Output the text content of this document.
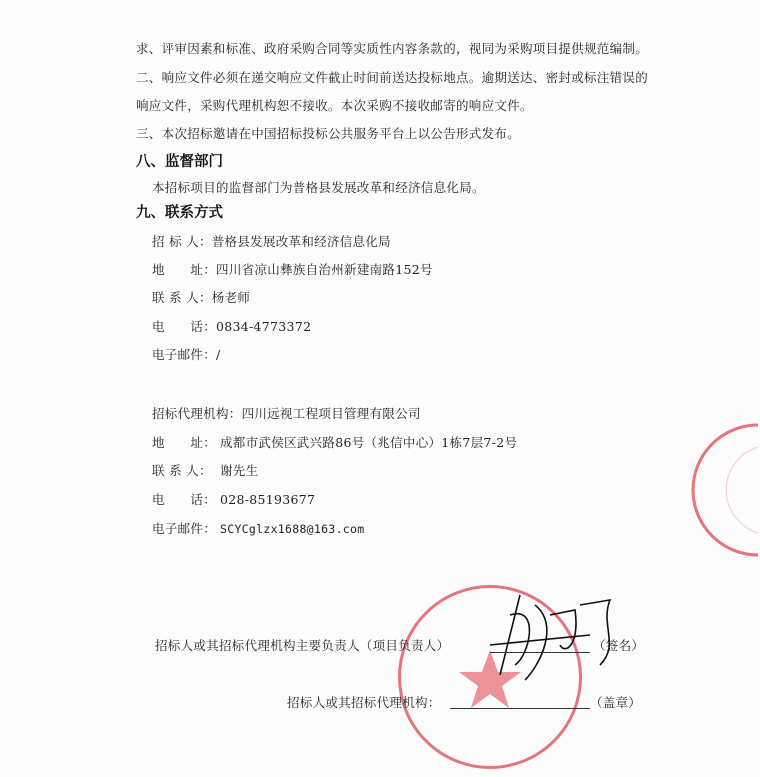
求、评审因素和标准、政府采购合同等实质性内容条款的，视同为采购项目提供规范编制。
二、响应文件必须在递交响应文件截止时间前送达投标地点。逾期送达、密封或标注错误的
响应文件，采购代理机构恕不接收。本次采购不接收邮寄的响应文件。
三、本次招标邀请在中国招标投标公共服务平台上以公告形式发布。
八、监督部门
本招标项目的监督部门为普格县发展改革和经济信息化局。
九、联系方式
招 标 人：普格县发展改革和经济信息化局
地　　址：四川省凉山彝族自治州新建南路152号
联 系 人：杨老师
电　　话：0834-4773372
电子邮件：/
招标代理机构：四川远视工程项目管理有限公司
地　　址： 成都市武侯区武兴路86号（兆信中心）1栋7层7-2号
联 系 人： 谢先生
电　　话： 028-85193677
电子邮件： SCYCglzx1688@163.com
招标人或其招标代理机构主要负责人（项目负责人）	（签名）
招标人或其招标代理机构：	（盖章）
